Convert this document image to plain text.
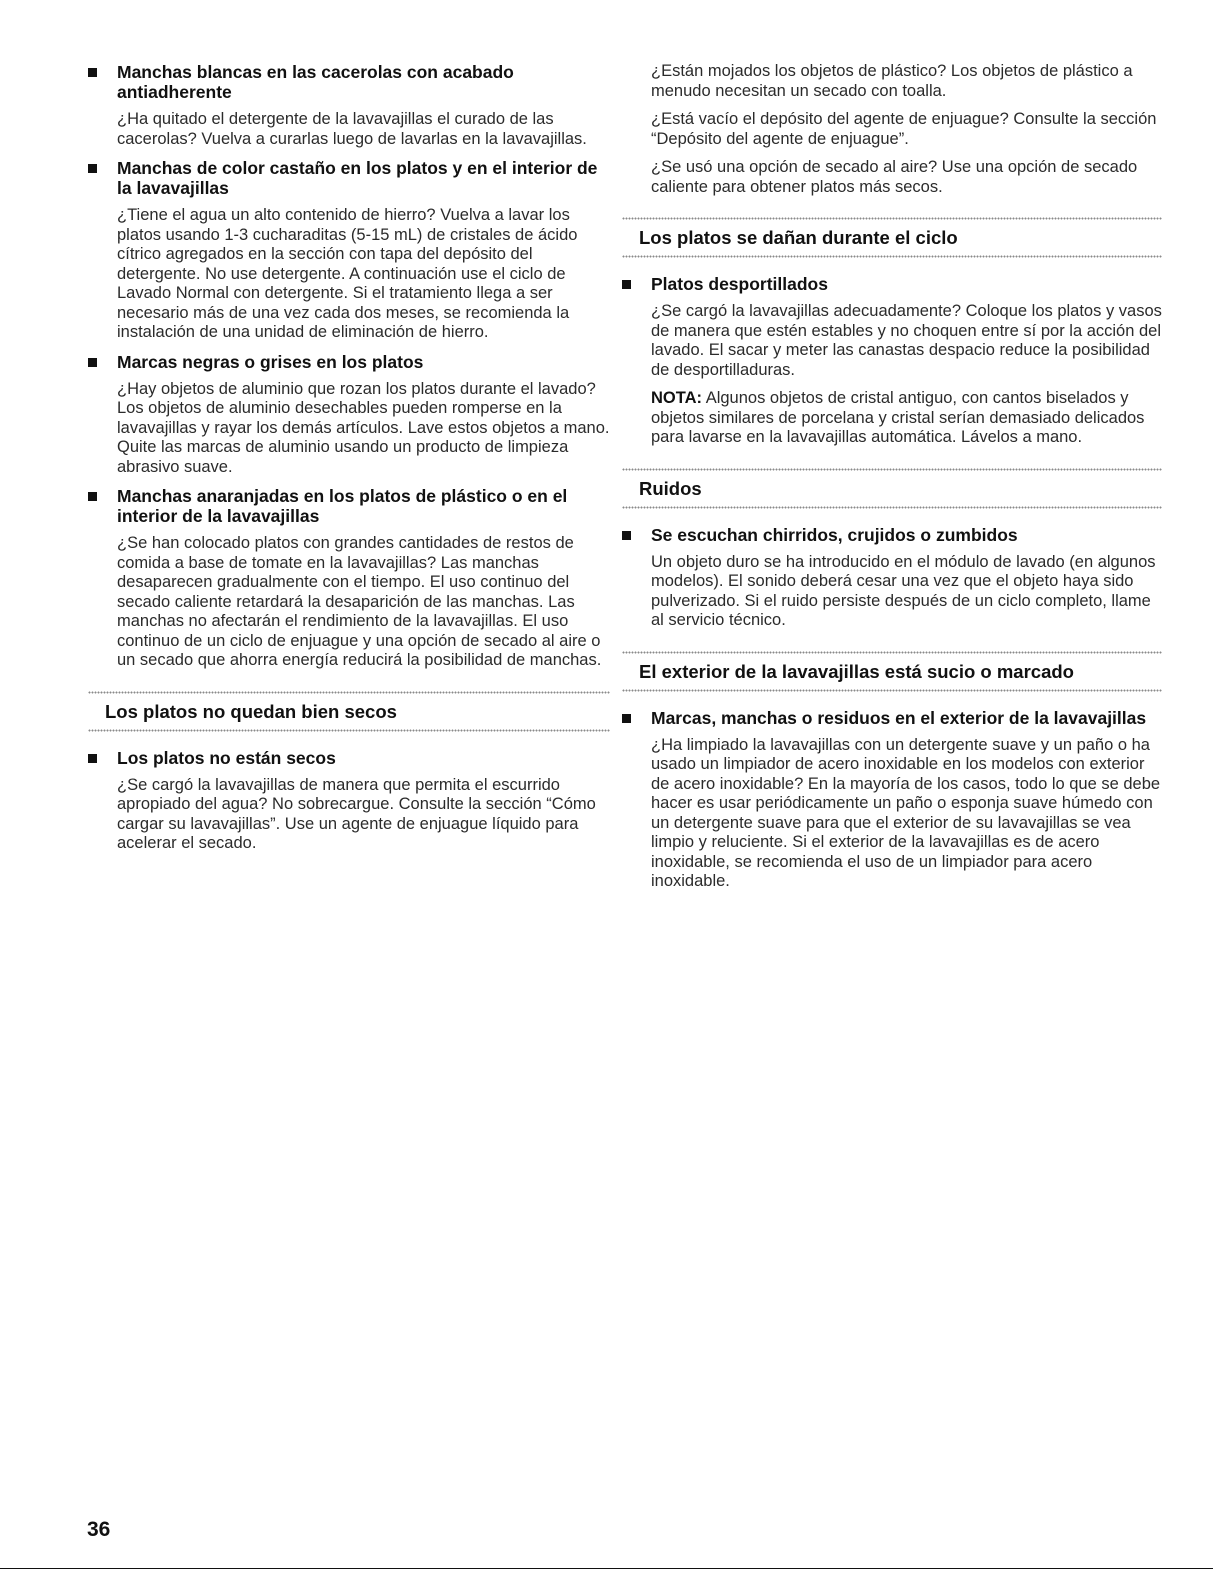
Manchas blancas en las cacerolas con acabado antiadherente
¿Ha quitado el detergente de la lavavajillas el curado de las cacerolas? Vuelva a curarlas luego de lavarlas en la lavavajillas.
Manchas de color castaño en los platos y en el interior de la lavavajillas
¿Tiene el agua un alto contenido de hierro? Vuelva a lavar los platos usando 1-3 cucharaditas (5-15 mL) de cristales de ácido cítrico agregados en la sección con tapa del depósito del detergente. No use detergente. A continuación use el ciclo de Lavado Normal con detergente. Si el tratamiento llega a ser necesario más de una vez cada dos meses, se recomienda la instalación de una unidad de eliminación de hierro.
Marcas negras o grises en los platos
¿Hay objetos de aluminio que rozan los platos durante el lavado? Los objetos de aluminio desechables pueden romperse en la lavavajillas y rayar los demás artículos. Lave estos objetos a mano. Quite las marcas de aluminio usando un producto de limpieza abrasivo suave.
Manchas anaranjadas en los platos de plástico o en el interior de la lavavajillas
¿Se han colocado platos con grandes cantidades de restos de comida a base de tomate en la lavavajillas? Las manchas desaparecen gradualmente con el tiempo. El uso continuo del secado caliente retardará la desaparición de las manchas. Las manchas no afectarán el rendimiento de la lavavajillas. El uso continuo de un ciclo de enjuague y una opción de secado al aire o un secado que ahorra energía reducirá la posibilidad de manchas.
Los platos no quedan bien secos
Los platos no están secos
¿Se cargó la lavavajillas de manera que permita el escurrido apropiado del agua? No sobrecargue. Consulte la sección “Cómo cargar su lavavajillas”. Use un agente de enjuague líquido para acelerar el secado.
¿Están mojados los objetos de plástico? Los objetos de plástico a menudo necesitan un secado con toalla.
¿Está vacío el depósito del agente de enjuague? Consulte la sección “Depósito del agente de enjuague”.
¿Se usó una opción de secado al aire? Use una opción de secado caliente para obtener platos más secos.
Los platos se dañan durante el ciclo
Platos desportillados
¿Se cargó la lavavajillas adecuadamente? Coloque los platos y vasos de manera que estén estables y no choquen entre sí por la acción del lavado. El sacar y meter las canastas despacio reduce la posibilidad de desportilladuras.
NOTA: Algunos objetos de cristal antiguo, con cantos biselados y objetos similares de porcelana y cristal serían demasiado delicados para lavarse en la lavavajillas automática. Lávelos a mano.
Ruidos
Se escuchan chirridos, crujidos o zumbidos
Un objeto duro se ha introducido en el módulo de lavado (en algunos modelos). El sonido deberá cesar una vez que el objeto haya sido pulverizado. Si el ruido persiste después de un ciclo completo, llame al servicio técnico.
El exterior de la lavavajillas está sucio o marcado
Marcas, manchas o residuos en el exterior de la lavavajillas
¿Ha limpiado la lavavajillas con un detergente suave y un paño o ha usado un limpiador de acero inoxidable en los modelos con exterior de acero inoxidable? En la mayoría de los casos, todo lo que se debe hacer es usar periódicamente un paño o esponja suave húmedo con un detergente suave para que el exterior de su lavavajillas se vea limpio y reluciente. Si el exterior de la lavavajillas es de acero inoxidable, se recomienda el uso de un limpiador para acero inoxidable.
36
